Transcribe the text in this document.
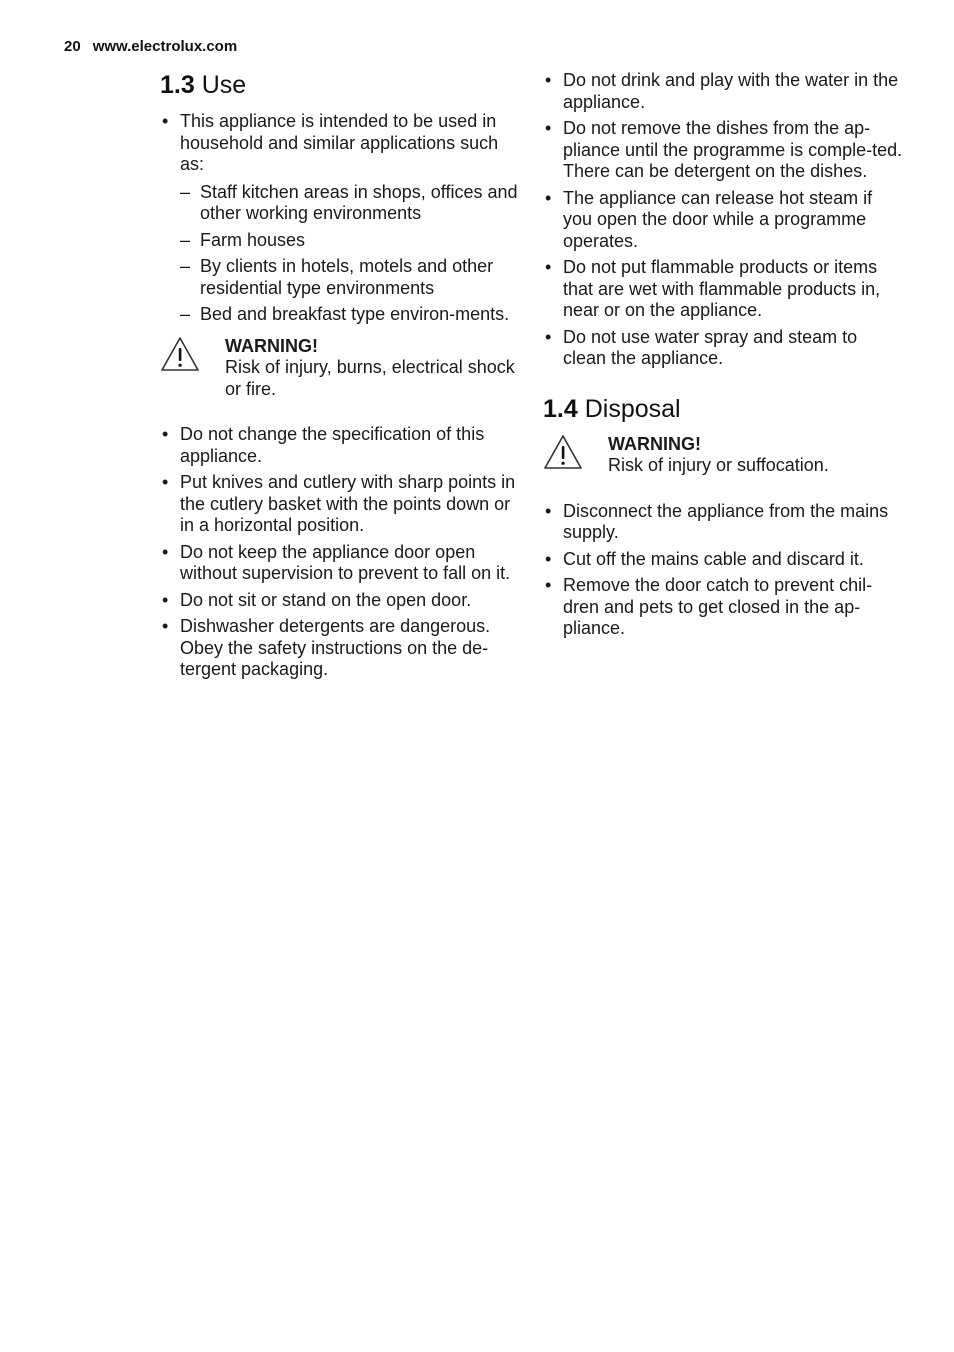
20 www.electrolux.com
1.3 Use
• This appliance is intended to be used in household and similar applications such as:
– Staff kitchen areas in shops, offices and other working environments
– Farm houses
– By clients in hotels, motels and other residential type environments
– Bed and breakfast type environ-ments.
WARNING!
Risk of injury, burns, electrical shock or fire.
• Do not change the specification of this appliance.
• Put knives and cutlery with sharp points in the cutlery basket with the points down or in a horizontal position.
• Do not keep the appliance door open without supervision to prevent to fall on it.
• Do not sit or stand on the open door.
• Dishwasher detergents are dangerous. Obey the safety instructions on the de-tergent packaging.
• Do not drink and play with the water in the appliance.
• Do not remove the dishes from the ap-pliance until the programme is comple-ted. There can be detergent on the dishes.
• The appliance can release hot steam if you open the door while a programme operates.
• Do not put flammable products or items that are wet with flammable products in, near or on the appliance.
• Do not use water spray and steam to clean the appliance.
1.4 Disposal
WARNING!
Risk of injury or suffocation.
• Disconnect the appliance from the mains supply.
• Cut off the mains cable and discard it.
• Remove the door catch to prevent chil-dren and pets to get closed in the ap-pliance.
